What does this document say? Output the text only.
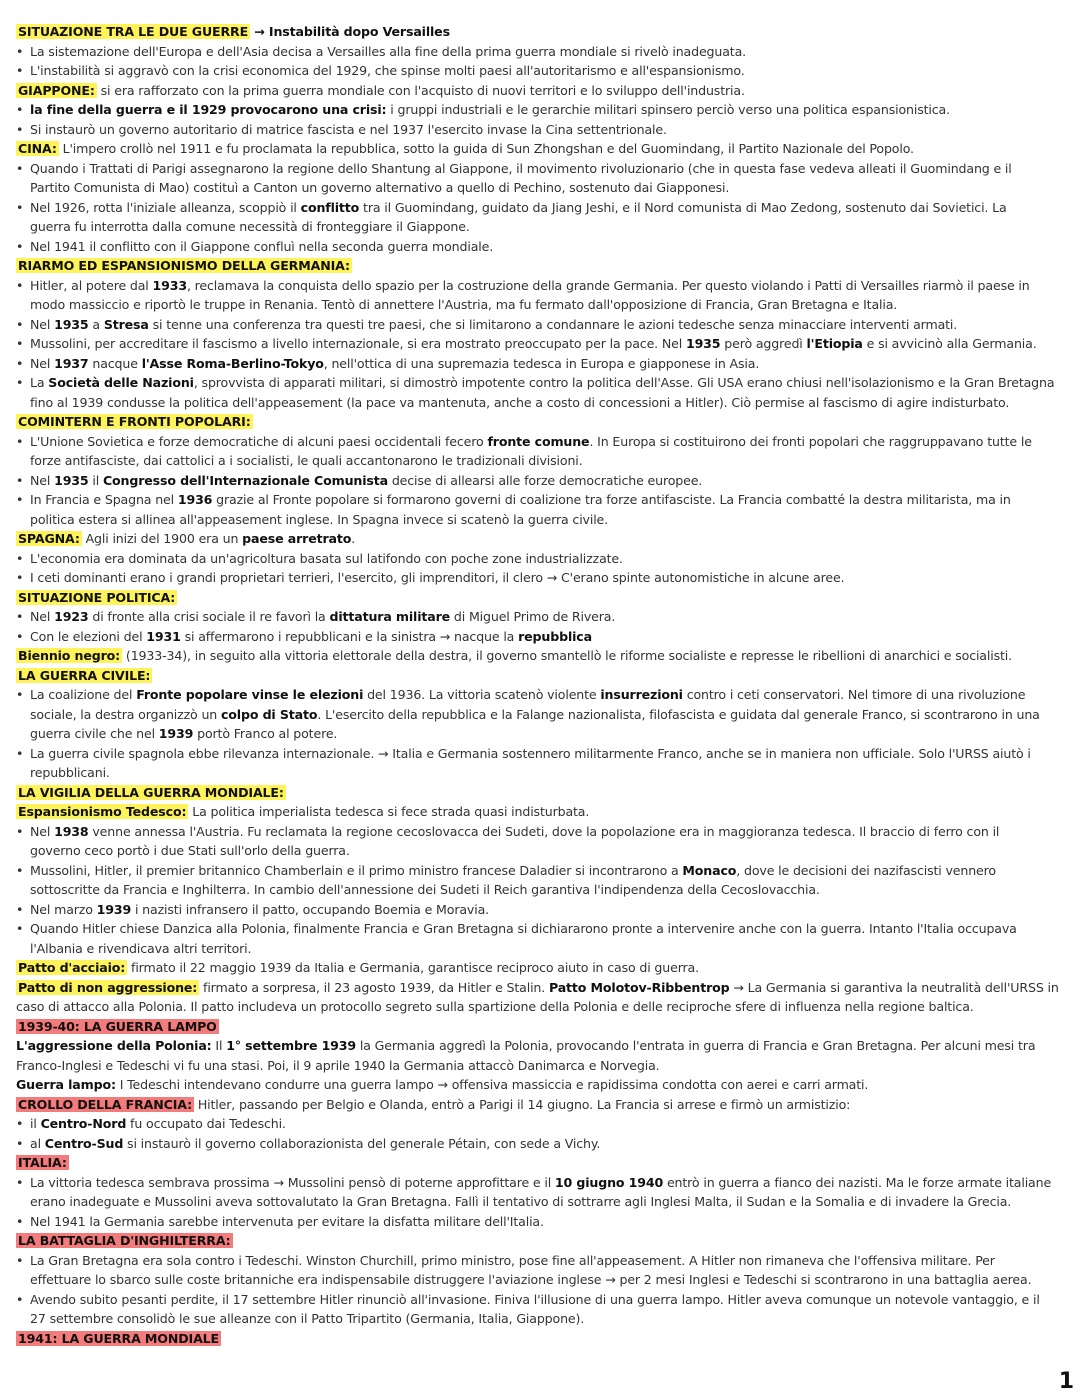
SITUAZIONE TRA LE DUE GUERRE → Instabilità dopo Versailles
• La sistemazione dell'Europa e dell'Asia decisa a Versailles alla fine della prima guerra mondiale si rivelò inadeguata.
• L'instabilità si aggravò con la crisi economica del 1929, che spinse molti paesi all'autoritarismo e all'espansionismo.
GIAPPONE: si era rafforzato con la prima guerra mondiale con l'acquisto di nuovi territori e lo sviluppo dell'industria.
• la fine della guerra e il 1929 provocarono una crisi: i gruppi industriali e le gerarchie militari spinsero perciò verso una politica espansionistica.
• Si instaurò un governo autoritario di matrice fascista e nel 1937 l'esercito invase la Cina settentrionale.
CINA: L'impero crollò nel 1911 e fu proclamata la repubblica, sotto la guida di Sun Zhongshan e del Guomindang, il Partito Nazionale del Popolo.
• Quando i Trattati di Parigi assegnarono la regione dello Shantung al Giappone, il movimento rivoluzionario (che in questa fase vedeva alleati il Guomindang e il
Partito Comunista di Mao) costituì a Canton un governo alternativo a quello di Pechino, sostenuto dai Giapponesi.
• Nel 1926, rotta l'iniziale alleanza, scoppiò il conflitto tra il Guomindang, guidato da Jiang Jeshi, e il Nord comunista di Mao Zedong, sostenuto dai Sovietici. La
guerra fu interrotta dalla comune necessità di fronteggiare il Giappone.
• Nel 1941 il conflitto con il Giappone confluì nella seconda guerra mondiale.
RIARMO ED ESPANSIONISMO DELLA GERMANIA:
• Hitler, al potere dal 1933, reclamava la conquista dello spazio per la costruzione della grande Germania. Per questo violando i Patti di Versailles riarmò il paese in
modo massiccio e riportò le truppe in Renania. Tentò di annettere l'Austria, ma fu fermato dall'opposizione di Francia, Gran Bretagna e Italia.
• Nel 1935 a Stresa si tenne una conferenza tra questi tre paesi, che si limitarono a condannare le azioni tedesche senza minacciare interventi armati.
• Mussolini, per accreditare il fascismo a livello internazionale, si era mostrato preoccupato per la pace. Nel 1935 però aggredì l'Etiopia e si avvicinò alla Germania.
• Nel 1937 nacque l'Asse Roma-Berlino-Tokyo, nell'ottica di una supremazia tedesca in Europa e giapponese in Asia.
• La Società delle Nazioni, sprovvista di apparati militari, si dimostrò impotente contro la politica dell'Asse. Gli USA erano chiusi nell'isolazionismo e la Gran Bretagna
fino al 1939 condusse la politica dell'appeasement (la pace va mantenuta, anche a costo di concessioni a Hitler). Ciò permise al fascismo di agire indisturbato.
COMINTERN E FRONTI POPOLARI:
• L'Unione Sovietica e forze democratiche di alcuni paesi occidentali fecero fronte comune. In Europa si costituirono dei fronti popolari che raggruppavano tutte le
forze antifasciste, dai cattolici a i socialisti, le quali accantonarono le tradizionali divisioni.
• Nel 1935 il Congresso dell'Internazionale Comunista decise di allearsi alle forze democratiche europee.
• In Francia e Spagna nel 1936 grazie al Fronte popolare si formarono governi di coalizione tra forze antifasciste. La Francia combatté la destra militarista, ma in
politica estera si allinea all'appeasement inglese. In Spagna invece si scatenò la guerra civile.
SPAGNA: Agli inizi del 1900 era un paese arretrato.
• L'economia era dominata da un'agricoltura basata sul latifondo con poche zone industrializzate.
• I ceti dominanti erano i grandi proprietari terrieri, l'esercito, gli imprenditori, il clero → C'erano spinte autonomistiche in alcune aree.
SITUAZIONE POLITICA:
• Nel 1923 di fronte alla crisi sociale il re favorì la dittatura militare di Miguel Primo de Rivera.
• Con le elezioni del 1931 si affermarono i repubblicani e la sinistra → nacque la repubblica
Biennio negro: (1933-34), in seguito alla vittoria elettorale della destra, il governo smantellò le riforme socialiste e represse le ribellioni di anarchici e socialisti.
LA GUERRA CIVILE:
• La coalizione del Fronte popolare vinse le elezioni del 1936. La vittoria scatenò violente insurrezioni contro i ceti conservatori. Nel timore di una rivoluzione
sociale, la destra organizzò un colpo di Stato. L'esercito della repubblica e la Falange nazionalista, filofascista e guidata dal generale Franco, si scontrarono in una
guerra civile che nel 1939 portò Franco al potere.
• La guerra civile spagnola ebbe rilevanza internazionale. → Italia e Germania sostennero militarmente Franco, anche se in maniera non ufficiale. Solo l'URSS aiutò i
repubblicani.
LA VIGILIA DELLA GUERRA MONDIALE:
Espansionismo Tedesco: La politica imperialista tedesca si fece strada quasi indisturbata.
• Nel 1938 venne annessa l'Austria. Fu reclamata la regione cecoslovacca dei Sudeti, dove la popolazione era in maggioranza tedesca. Il braccio di ferro con il
governo ceco portò i due Stati sull'orlo della guerra.
• Mussolini, Hitler, il premier britannico Chamberlain e il primo ministro francese Daladier si incontrarono a Monaco, dove le decisioni dei nazifascisti vennero
sottoscritte da Francia e Inghilterra. In cambio dell'annessione dei Sudeti il Reich garantiva l'indipendenza della Cecoslovacchia.
• Nel marzo 1939 i nazisti infransero il patto, occupando Boemia e Moravia.
• Quando Hitler chiese Danzica alla Polonia, finalmente Francia e Gran Bretagna si dichiararono pronte a intervenire anche con la guerra. Intanto l'Italia occupava
l'Albania e rivendicava altri territori.
Patto d'acciaio: firmato il 22 maggio 1939 da Italia e Germania, garantisce reciproco aiuto in caso di guerra.
Patto di non aggressione: firmato a sorpresa, il 23 agosto 1939, da Hitler e Stalin. Patto Molotov-Ribbentrop → La Germania si garantiva la neutralità dell'URSS in
caso di attacco alla Polonia. Il patto includeva un protocollo segreto sulla spartizione della Polonia e delle reciproche sfere di influenza nella regione baltica.
1939-40: LA GUERRA LAMPO
L'aggressione della Polonia: Il 1° settembre 1939 la Germania aggredì la Polonia, provocando l'entrata in guerra di Francia e Gran Bretagna. Per alcuni mesi tra
Franco-Inglesi e Tedeschi vi fu una stasi. Poi, il 9 aprile 1940 la Germania attaccò Danimarca e Norvegia.
Guerra lampo: I Tedeschi intendevano condurre una guerra lampo → offensiva massiccia e rapidissima condotta con aerei e carri armati.
CROLLO DELLA FRANCIA: Hitler, passando per Belgio e Olanda, entrò a Parigi il 14 giugno. La Francia si arrese e firmò un armistizio:
• il Centro-Nord fu occupato dai Tedeschi.
• al Centro-Sud si instaurò il governo collaborazionista del generale Pétain, con sede a Vichy.
ITALIA:
• La vittoria tedesca sembrava prossima → Mussolini pensò di poterne approfittare e il 10 giugno 1940 entrò in guerra a fianco dei nazisti. Ma le forze armate italiane
erano inadeguate e Mussolini aveva sottovalutato la Gran Bretagna. Fallì il tentativo di sottrarre agli Inglesi Malta, il Sudan e la Somalia e di invadere la Grecia.
• Nel 1941 la Germania sarebbe intervenuta per evitare la disfatta militare dell'Italia.
LA BATTAGLIA D'INGHILTERRA:
• La Gran Bretagna era sola contro i Tedeschi. Winston Churchill, primo ministro, pose fine all'appeasement. A Hitler non rimaneva che l'offensiva militare. Per
effettuare lo sbarco sulle coste britanniche era indispensabile distruggere l'aviazione inglese → per 2 mesi Inglesi e Tedeschi si scontrarono in una battaglia aerea.
• Avendo subito pesanti perdite, il 17 settembre Hitler rinunciò all'invasione. Finiva l'illusione di una guerra lampo. Hitler aveva comunque un notevole vantaggio, e il
27 settembre consolidò le sue alleanze con il Patto Tripartito (Germania, Italia, Giappone).
1941: LA GUERRA MONDIALE
1
